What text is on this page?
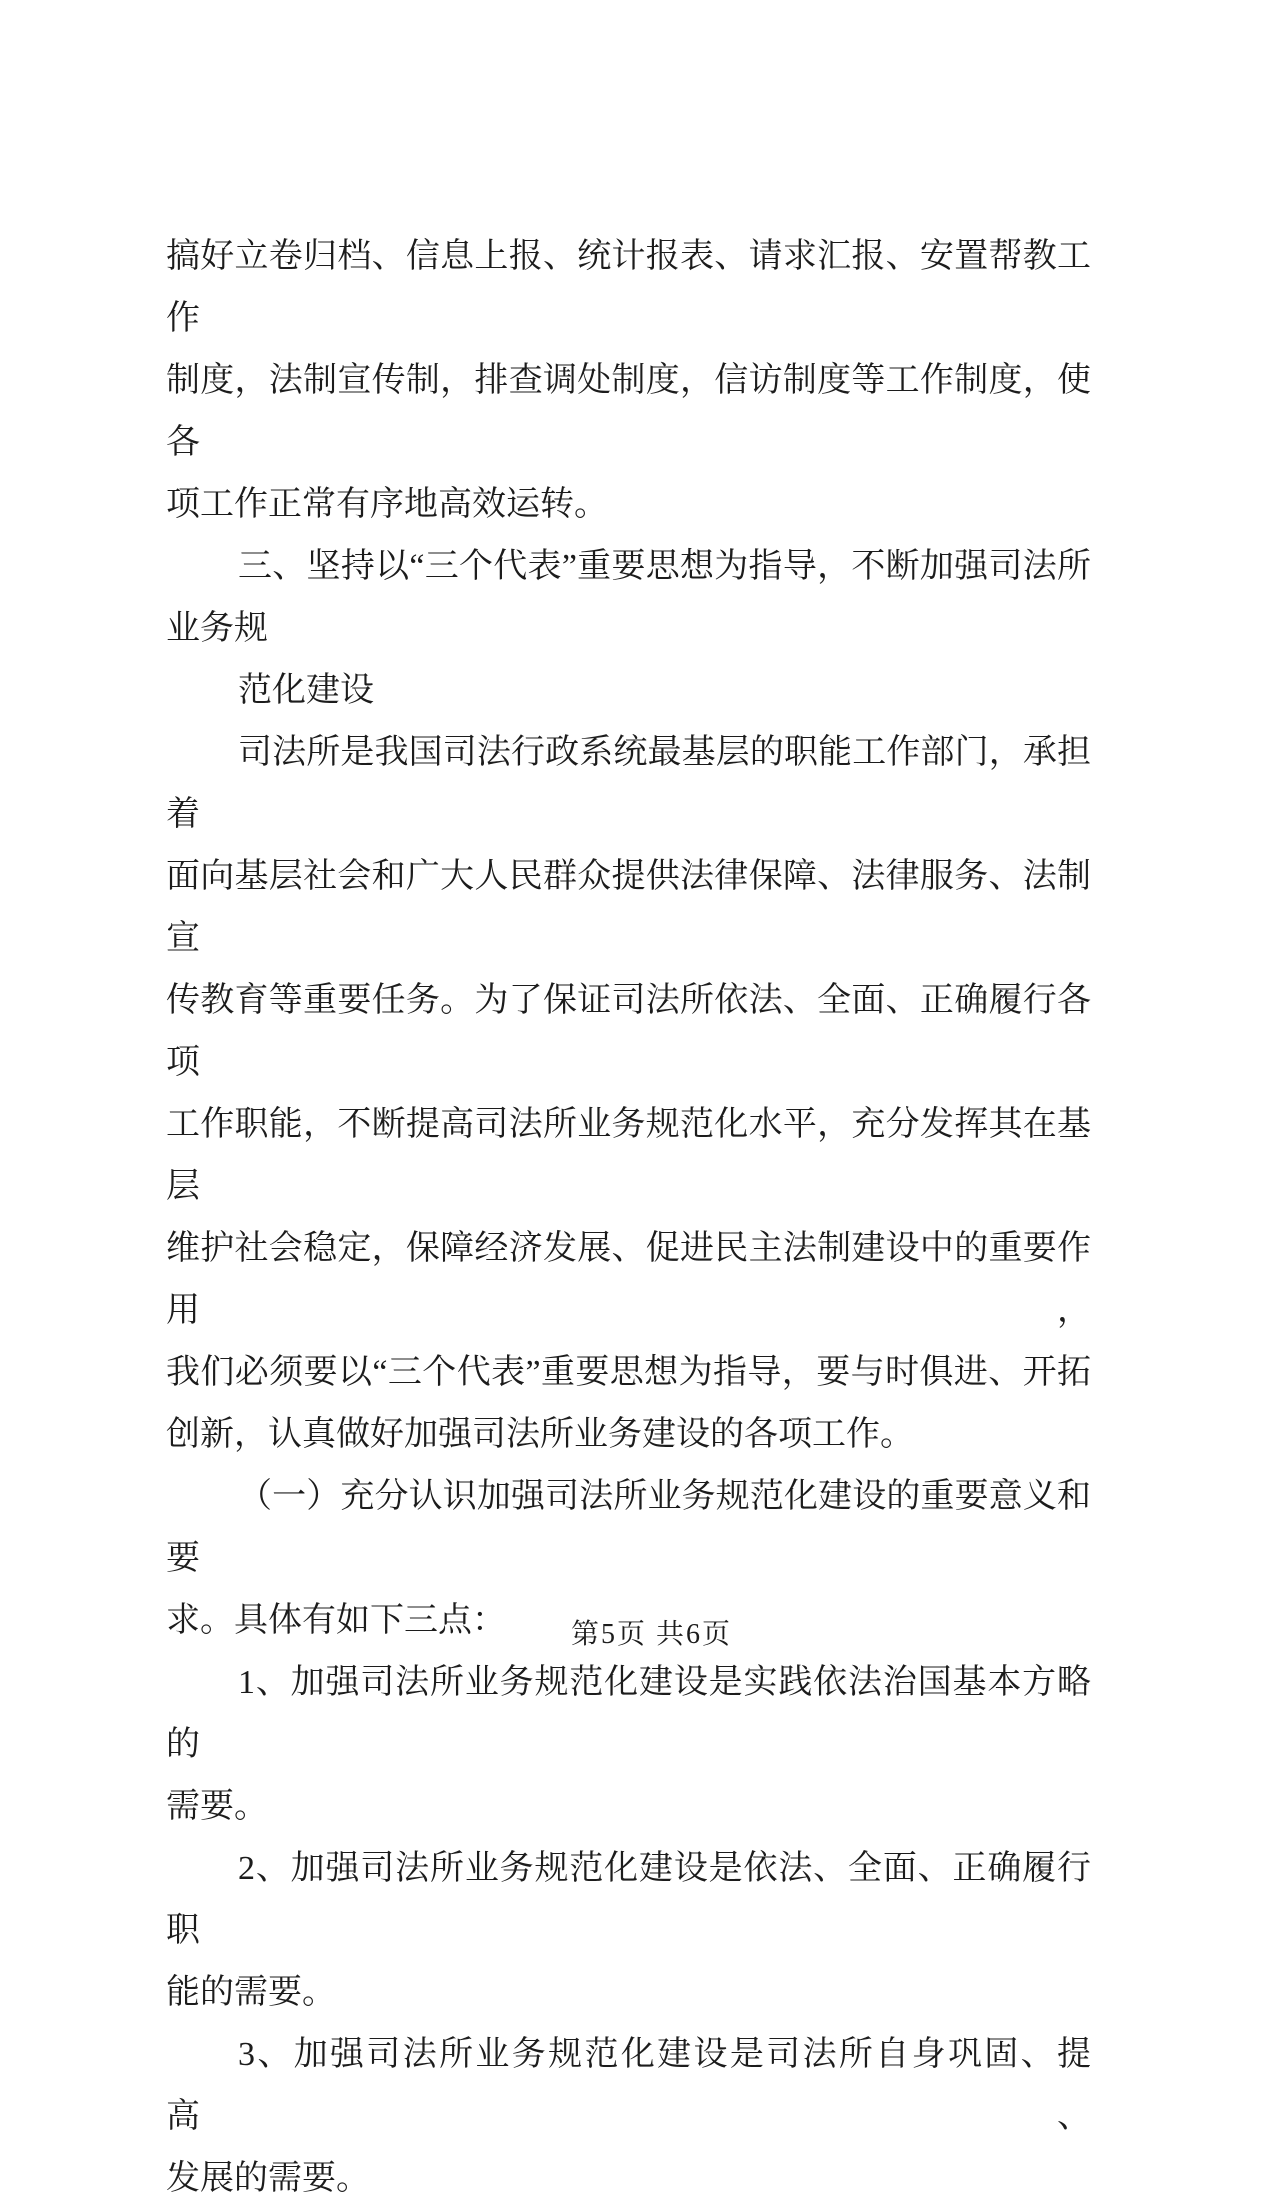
搞好立卷归档、信息上报、统计报表、请求汇报、安置帮教工作
制度，法制宣传制，排查调处制度，信访制度等工作制度，使各
项工作正常有序地高效运转。
三、坚持以“三个代表”重要思想为指导，不断加强司法所
业务规
范化建设
司法所是我国司法行政系统最基层的职能工作部门，承担着
面向基层社会和广大人民群众提供法律保障、法律服务、法制宣
传教育等重要任务。为了保证司法所依法、全面、正确履行各项
工作职能，不断提高司法所业务规范化水平，充分发挥其在基层
维护社会稳定，保障经济发展、促进民主法制建设中的重要作用，
我们必须要以“三个代表”重要思想为指导，要与时俱进、开拓
创新，认真做好加强司法所业务建设的各项工作。
（一）充分认识加强司法所业务规范化建设的重要意义和要
求。具体有如下三点：
1、加强司法所业务规范化建设是实践依法治国基本方略的
需要。
2、加强司法所业务规范化建设是依法、全面、正确履行职
能的需要。
3、加强司法所业务规范化建设是司法所自身巩固、提高、
发展的需要。
第5页 共6页
